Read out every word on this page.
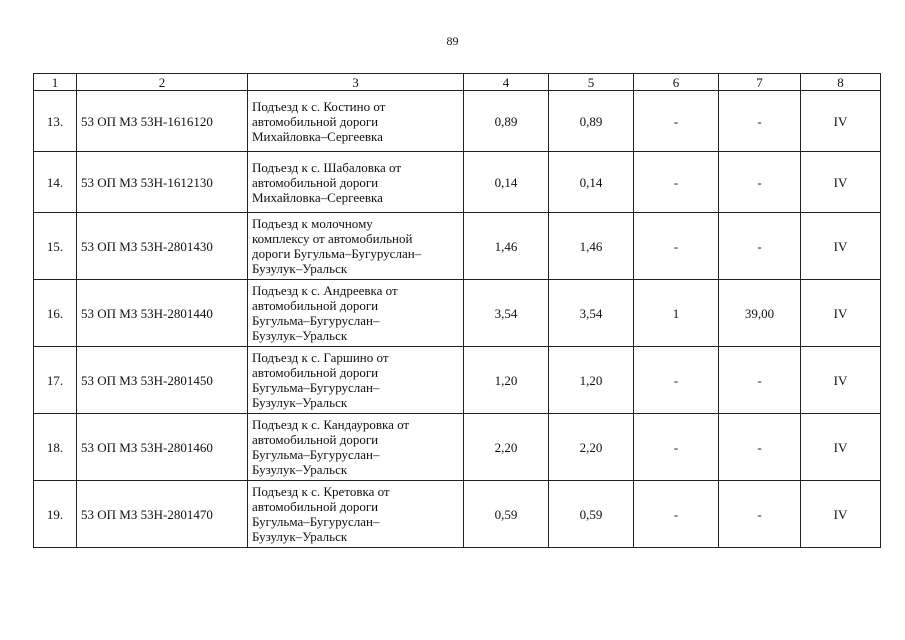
89
1	2	3	4	5	6	7	8
13.	53 ОП МЗ 53Н-1616120	Подъезд к с. Костино от
автомобильной дороги
Михайловка–Сергеевка	0,89	0,89	-	-	IV
14.	53 ОП МЗ 53Н-1612130	Подъезд к с. Шабаловка от
автомобильной дороги
Михайловка–Сергеевка	0,14	0,14	-	-	IV
15.	53 ОП МЗ 53Н-2801430	Подъезд к молочному
комплексу от автомобильной
дороги Бугульма–Бугуруслан–
Бузулук–Уральск	1,46	1,46	-	-	IV
16.	53 ОП МЗ 53Н-2801440	Подъезд к с. Андреевка от
автомобильной дороги
Бугульма–Бугуруслан–
Бузулук–Уральск	3,54	3,54	1	39,00	IV
17.	53 ОП МЗ 53Н-2801450	Подъезд к с. Гаршино от
автомобильной дороги
Бугульма–Бугуруслан–
Бузулук–Уральск	1,20	1,20	-	-	IV
18.	53 ОП МЗ 53Н-2801460	Подъезд к с. Кандауровка от
автомобильной дороги
Бугульма–Бугуруслан–
Бузулук–Уральск	2,20	2,20	-	-	IV
19.	53 ОП МЗ 53Н-2801470	Подъезд к с. Кретовка от
автомобильной дороги
Бугульма–Бугуруслан–
Бузулук–Уральск	0,59	0,59	-	-	IV
